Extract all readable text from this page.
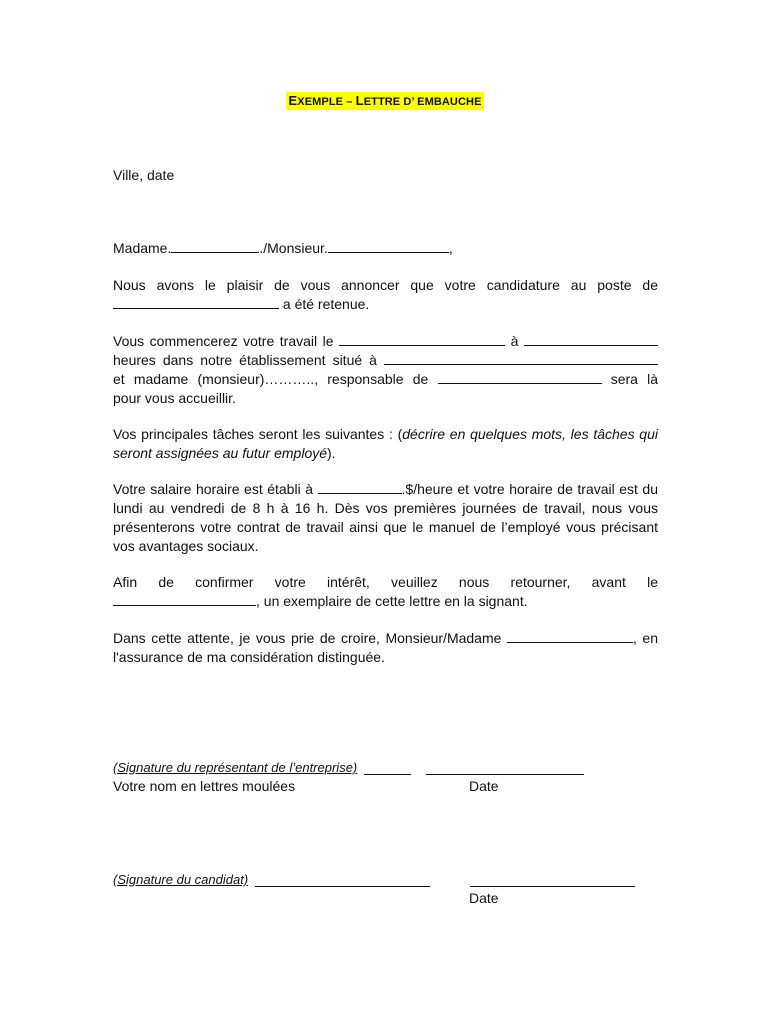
EXEMPLE – LETTRE D’ EMBAUCHE
Ville, date
Madame.	./Monsieur.	,
Nous avons le plaisir de vous annoncer que votre candidature au poste de  a été retenue.
Vous commencerez votre travail le	à
heures dans notre établissement situé à
et madame (monsieur)……….., responsable de	sera là
pour vous accueillir.
Vos principales tâches seront les suivantes : (décrire en quelques mots, les tâches qui seront assignées au futur employé).
Votre salaire horaire est établi à	.$/heure et votre horaire de travail est du lundi au vendredi de 8 h à 16 h. Dès vos premières journées de travail, nous vous présenterons votre contrat de travail ainsi que le manuel de l’employé vous précisant vos avantages sociaux.
Afin de confirmer votre intérêt, veuillez nous retourner, avant le
, un exemplaire de cette lettre en la signant.
Dans cette attente, je vous prie de croire, Monsieur/Madame	, en l'assurance de ma considération distinguée.
(Signature du représentant de l’entreprise)
Votre nom en lettres moulées	Date
(Signature du candidat)
Date
